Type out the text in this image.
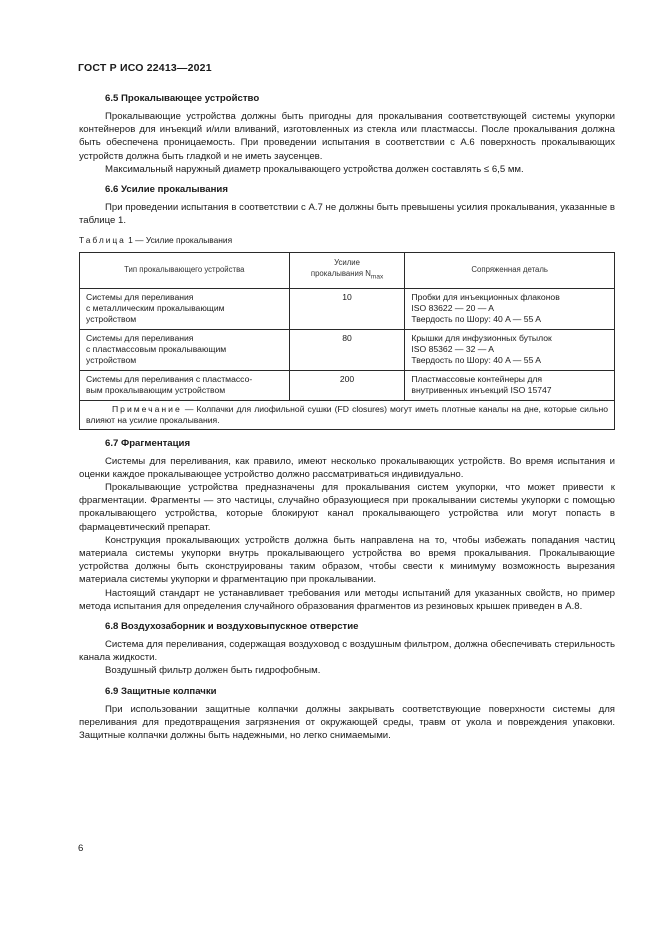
ГОСТ Р ИСО 22413—2021
6.5 Прокалывающее устройство

Прокалывающие устройства должны быть пригодны для прокалывания соответствующей системы укупорки контейнеров для инъекций и/или вливаний, изготовленных из стекла или пластмассы. После прокалывания должна быть обеспечена проницаемость. При проведении испытания в соответствии с А.6 поверхность прокалывающих устройств должна быть гладкой и не иметь заусенцев.

Максимальный наружный диаметр прокалывающего устройства должен составлять ≤ 6,5 мм.

6.6 Усилие прокалывания

При проведении испытания в соответствии с А.7 не должны быть превышены усилия прокалывания, указанные в таблице 1.

Таблица 1 — Усилие прокалывания
Тип прокалывающего устройства	Усилие
прокалывания $N_{max}$	Сопряженная деталь

Системы для переливания
с металлическим прокалывающим
устройством	10	Пробки для инъекционных флаконов
ISO 83622 — 20 — A
Твердость по Шору: 40 A — 55 A

Системы для переливания
с пластмассовым прокалывающим
устройством	80	Крышки для инфузионных бутылок
ISO 85362 — 32 — A
Твердость по Шору: 40 A — 55 A

Системы для переливания с пластмассо-
вым прокалывающим устройством	200	Пластмассовые контейнеры для
внутривенных инъекций ISO 15747

Примечание — Колпачки для лиофильной сушки (FD closures) могут иметь плотные каналы на дне, которые сильно влияют на усилие прокалывания.		
6.7 Фрагментация

Системы для переливания, как правило, имеют несколько прокалывающих устройств. Во время испытания и оценки каждое прокалывающее устройство должно рассматриваться индивидуально.

Прокалывающие устройства предназначены для прокалывания систем укупорки, что может привести к фрагментации. Фрагменты — это частицы, случайно образующиеся при прокалывании системы укупорки с помощью прокалывающего устройства, которые блокируют канал прокалывающего устройства или могут попасть в фармацевтический препарат.

Конструкция прокалывающих устройств должна быть направлена на то, чтобы избежать попадания частиц материала системы укупорки внутрь прокалывающего устройства во время прокалывания. Прокалывающие устройства должны быть сконструированы таким образом, чтобы свести к минимуму возможность вырезания материала системы укупорки и фрагментацию при прокалывании.

Настоящий стандарт не устанавливает требования или методы испытаний для указанных свойств, но пример метода испытания для определения случайного образования фрагментов из резиновых крышек приведен в А.8.

6.8 Воздухозаборник и воздуховыпускное отверстие

Система для переливания, содержащая воздуховод с воздушным фильтром, должна обеспечивать стерильность канала жидкости.

Воздушный фильтр должен быть гидрофобным.

6.9 Защитные колпачки

При использовании защитные колпачки должны закрывать соответствующие поверхности системы для переливания для предотвращения загрязнения от окружающей среды, травм от укола и повреждения упаковки. Защитные колпачки должны быть надежными, но легко снимаемыми.

6
